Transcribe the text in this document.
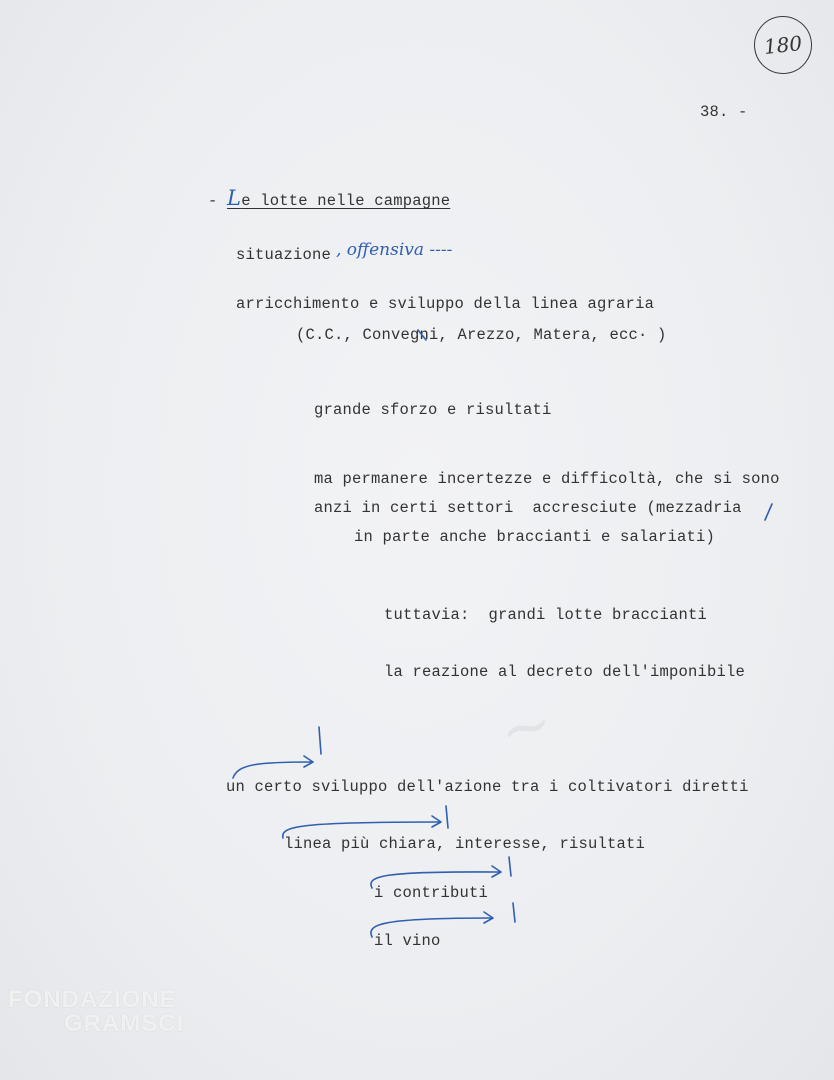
180
38. -

- Le lotte nelle campagne

situazione , offensiva ----
arricchimento e sviluppo della linea agraria
(C.C., Convegni, Arezzo, Matera, ecc· )
grande sforzo e risultati
ma permanere incertezze e difficoltà, che si sono
anzi in certi settori  accresciute (mezzadria
in parte anche braccianti e salariati)
tuttavia:  grandi lotte braccianti
la reazione al decreto dell'imponibile
un certo sviluppo dell'azione tra i coltivatori diretti
linea più chiara, interesse, risultati
i contributi
il vino
~
FONDAZIONE
GRAMSCI
